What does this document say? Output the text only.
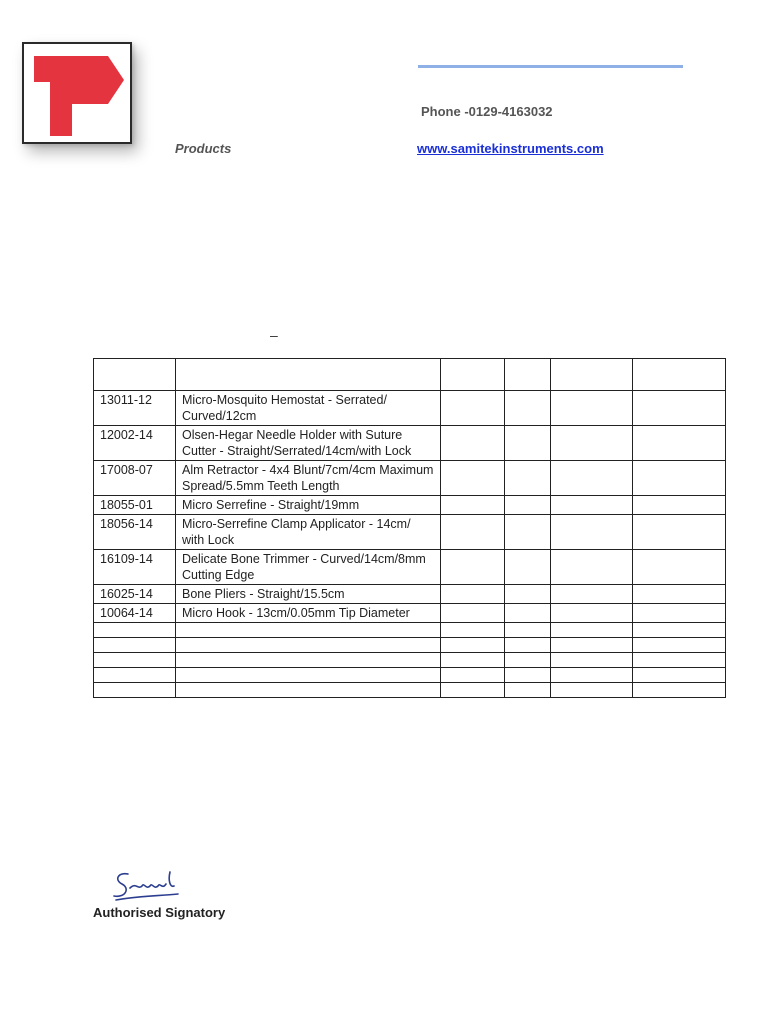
Products
Phone -0129-4163032
www.samitekinstruments.com
–

13011-12	Micro-Mosquito Hemostat - Serrated/ Curved/12cm				
12002-14	Olsen-Hegar Needle Holder with Suture Cutter - Straight/Serrated/14cm/with Lock				
17008-07	Alm Retractor - 4x4 Blunt/7cm/4cm Maximum Spread/5.5mm Teeth Length				
18055-01	Micro Serrefine - Straight/19mm				
18056-14	Micro-Serrefine Clamp Applicator - 14cm/ with Lock				
16109-14	Delicate Bone Trimmer - Curved/14cm/8mm Cutting Edge				
16025-14	Bone Pliers - Straight/15.5cm				
10064-14	Micro Hook - 13cm/0.05mm Tip Diameter				

Authorised Signatory
